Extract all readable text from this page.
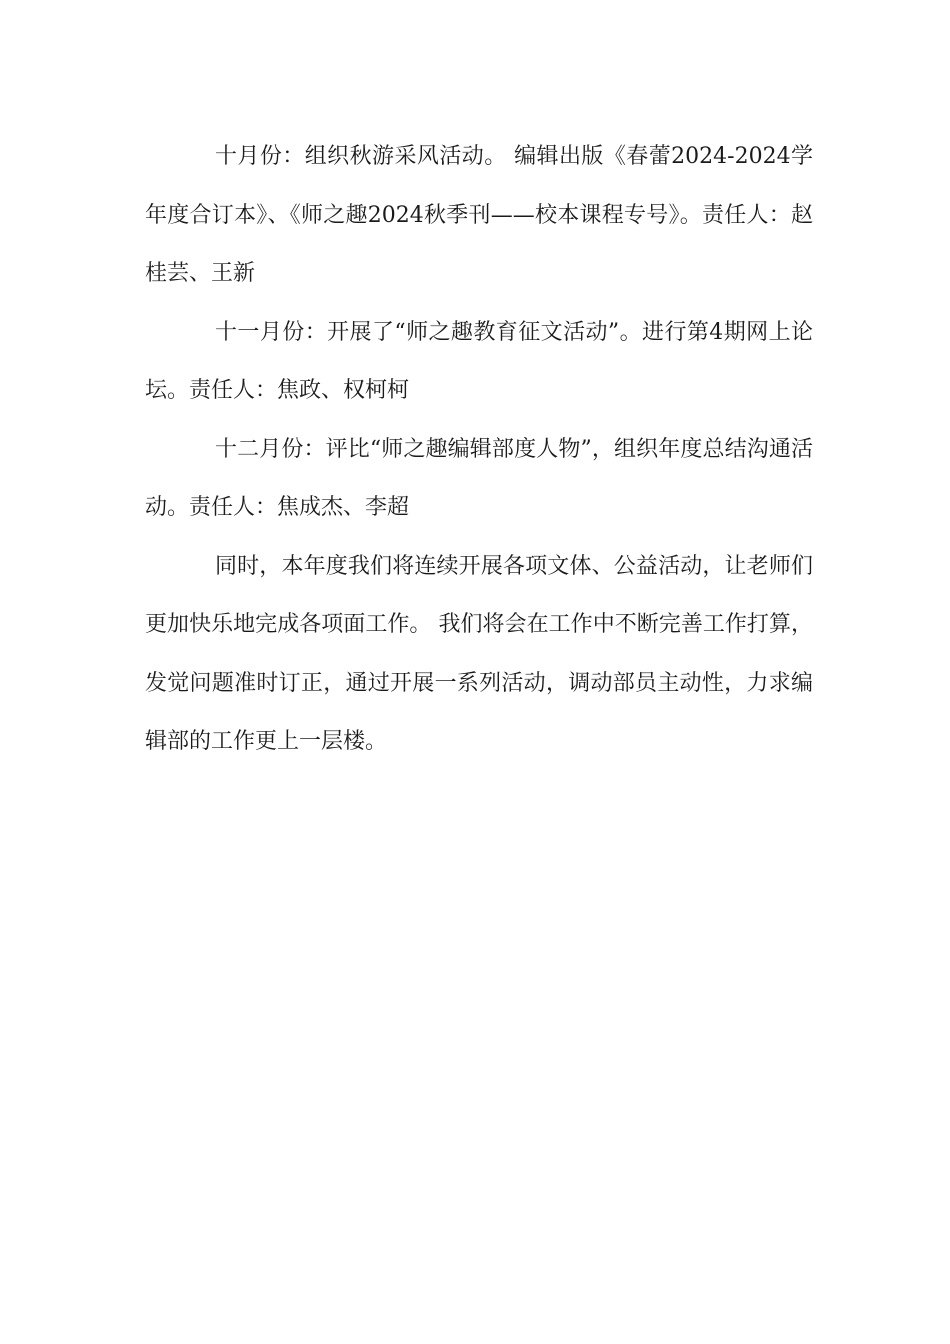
十月份：组织秋游采风活动。 编辑出版《春蕾2024-2024学年度合订本》、《师之趣2024秋季刊——校本课程专号》。责任人：赵桂芸、王新

十一月份：开展了“师之趣教育征文活动”。进行第4期网上论坛。责任人：焦政、权柯柯

十二月份：评比“师之趣编辑部度人物”，组织年度总结沟通活动。责任人：焦成杰、李超

同时，本年度我们将连续开展各项文体、公益活动，让老师们更加快乐地完成各项面工作。 我们将会在工作中不断完善工作打算，发觉问题准时订正，通过开展一系列活动，调动部员主动性，力求编辑部的工作更上一层楼。
